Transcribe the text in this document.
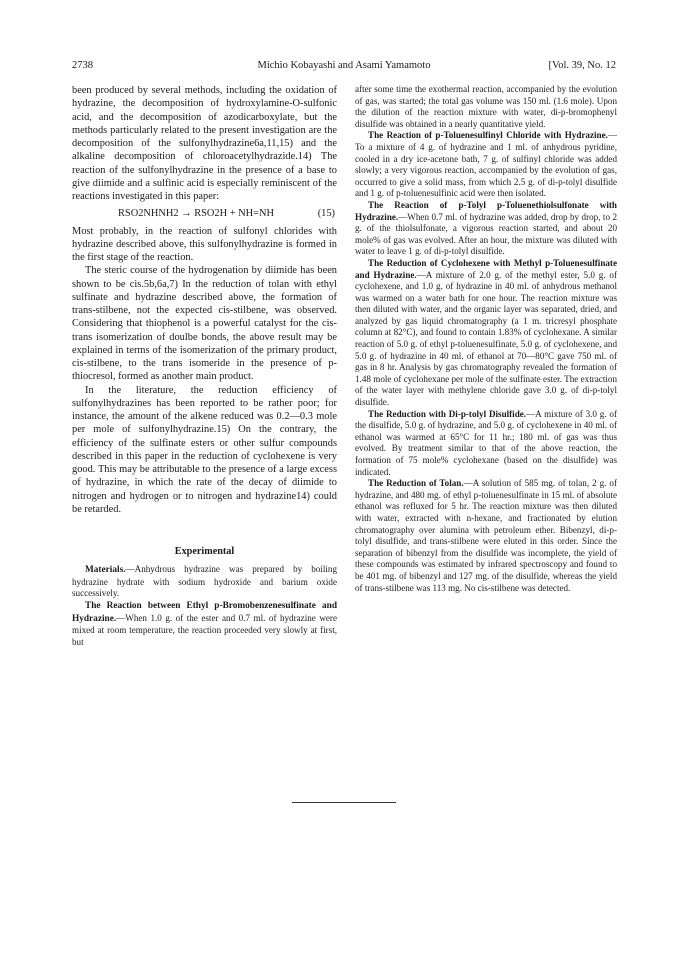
2738	Michio Kobayashi and Asami Yamamoto	[Vol. 39, No. 12

been produced by several methods, including the oxidation of hydrazine, the decomposition of hydroxylamine-O-sulfonic acid, and the decomposition of azodicarboxylate, but the methods particularly related to the present investigation are the decomposition of the sulfonylhydrazine6a,11,15) and the alkaline decomposition of chloroacetylhydrazide.14) The reaction of the sulfonylhydrazine in the presence of a base to give diimide and a sulfinic acid is especially reminiscent of the reactions investigated in this paper:

RSO2NHNH2 → RSO2H + NH=NH	(15)

Most probably, in the reaction of sulfonyl chlorides with hydrazine described above, this sulfonylhydrazine is formed in the first stage of the reaction.

The steric course of the hydrogenation by diimide has been shown to be cis.5b,6a,7) In the reduction of tolan with ethyl sulfinate and hydrazine described above, the formation of trans-stilbene, not the expected cis-stilbene, was observed. Considering that thiophenol is a powerful catalyst for the cis-trans isomerization of doulbe bonds, the above result may be explained in terms of the isomerization of the primary product, cis-stilbene, to the trans isomeride in the presence of p-thiocresol, formed as another main product.

In the literature, the reduction efficiency of sulfonylhydrazines has been reported to be rather poor; for instance, the amount of the alkene reduced was 0.2—0.3 mole per mole of sulfonylhydrazine.15) On the contrary, the efficiency of the sulfinate esters or other sulfur compounds described in this paper in the reduction of cyclohexene is very good. This may be attributable to the presence of a large excess of hydrazine, in which the rate of the decay of diimide to nitrogen and hydrogen or to nitrogen and hydrazine14) could be retarded.

Experimental

Materials.—Anhydrous hydrazine was prepared by boiling hydrazine hydrate with sodium hydroxide and barium oxide successively.

The Reaction between Ethyl p-Bromobenzenesulfinate and Hydrazine.—When 1.0 g. of the ester and 0.7 ml. of hydrazine were mixed at room temperature, the reaction proceeded very slowly at first, but

after some time the exothermal reaction, accompanied by the evolution of gas, was started; the total gas volume was 150 ml. (1.6 mole). Upon the dilution of the reaction mixture with water, di-p-bromophenyl disulfide was obtained in a nearly quantitative yield.

The Reaction of p-Toluenesulfinyl Chloride with Hydrazine.—To a mixture of 4 g. of hydrazine and 1 ml. of anhydrous pyridine, cooled in a dry ice-acetone bath, 7 g. of sulfinyl chloride was added slowly; a very vigorous reaction, accompanied by the evolution of gas, occurred to give a solid mass, from which 2.5 g. of di-p-tolyl disulfide and 1 g. of p-toluenesulfinic acid were then isolated.

The Reaction of p-Tolyl p-Toluenethiolsulfonate with Hydrazine.—When 0.7 ml. of hydrazine was added, drop by drop, to 2 g. of the thiolsulfonate, a vigorous reaction started, and about 20 mole% of gas was evolved. After an hour, the mixture was diluted with water to leave 1 g. of di-p-tolyl disulfide.

The Reduction of Cyclohexene with Methyl p-Toluenesulfinate and Hydrazine.—A mixture of 2.0 g. of the methyl ester, 5.0 g. of cyclohexene, and 1.0 g. of hydrazine in 40 ml. of anhydrous methanol was warmed on a water bath for one hour. The reaction mixture was then diluted with water, and the organic layer was separated, dried, and analyzed by gas liquid chromatography (a 1 m. tricresyl phosphate column at 82°C), and found to contain 1.83% of cyclohexane. A similar reaction of 5.0 g. of ethyl p-toluenesulfinate, 5.0 g. of cyclohexene, and 5.0 g. of hydrazine in 40 ml. of ethanol at 70—80°C gave 750 ml. of gas in 8 hr. Analysis by gas chromatography revealed the formation of 1.48 mole of cyclohexane per mole of the sulfinate ester. The extraction of the water layer with methylene chloride gave 3.0 g. of di-p-tolyl disulfide.

The Reduction with Di-p-tolyl Disulfide.—A mixture of 3.0 g. of the disulfide, 5.0 g. of hydrazine, and 5.0 g. of cyclohexene in 40 ml. of ethanol was warmed at 65°C for 11 hr.; 180 ml. of gas was thus evolved. By treatment similar to that of the above reaction, the formation of 75 mole% cyclohexane (based on the disulfide) was indicated.

The Reduction of Tolan.—A solution of 585 mg. of tolan, 2 g. of hydrazine, and 480 mg. of ethyl p-toluenesulfinate in 15 ml. of absolute ethanol was refluxed for 5 hr. The reaction mixture was then diluted with water, extracted with n-hexane, and fractionated by elution chromatography over alumina with petroleum ether. Bibenzyl, di-p-tolyl disulfide, and trans-stilbene were eluted in this order. Since the separation of bibenzyl from the disulfide was incomplete, the yield of these compounds was estimated by infrared spectroscopy and found to be 401 mg. of bibenzyl and 127 mg. of the disulfide, whereas the yield of trans-stilbene was 113 mg. No cis-stilbene was detected.
